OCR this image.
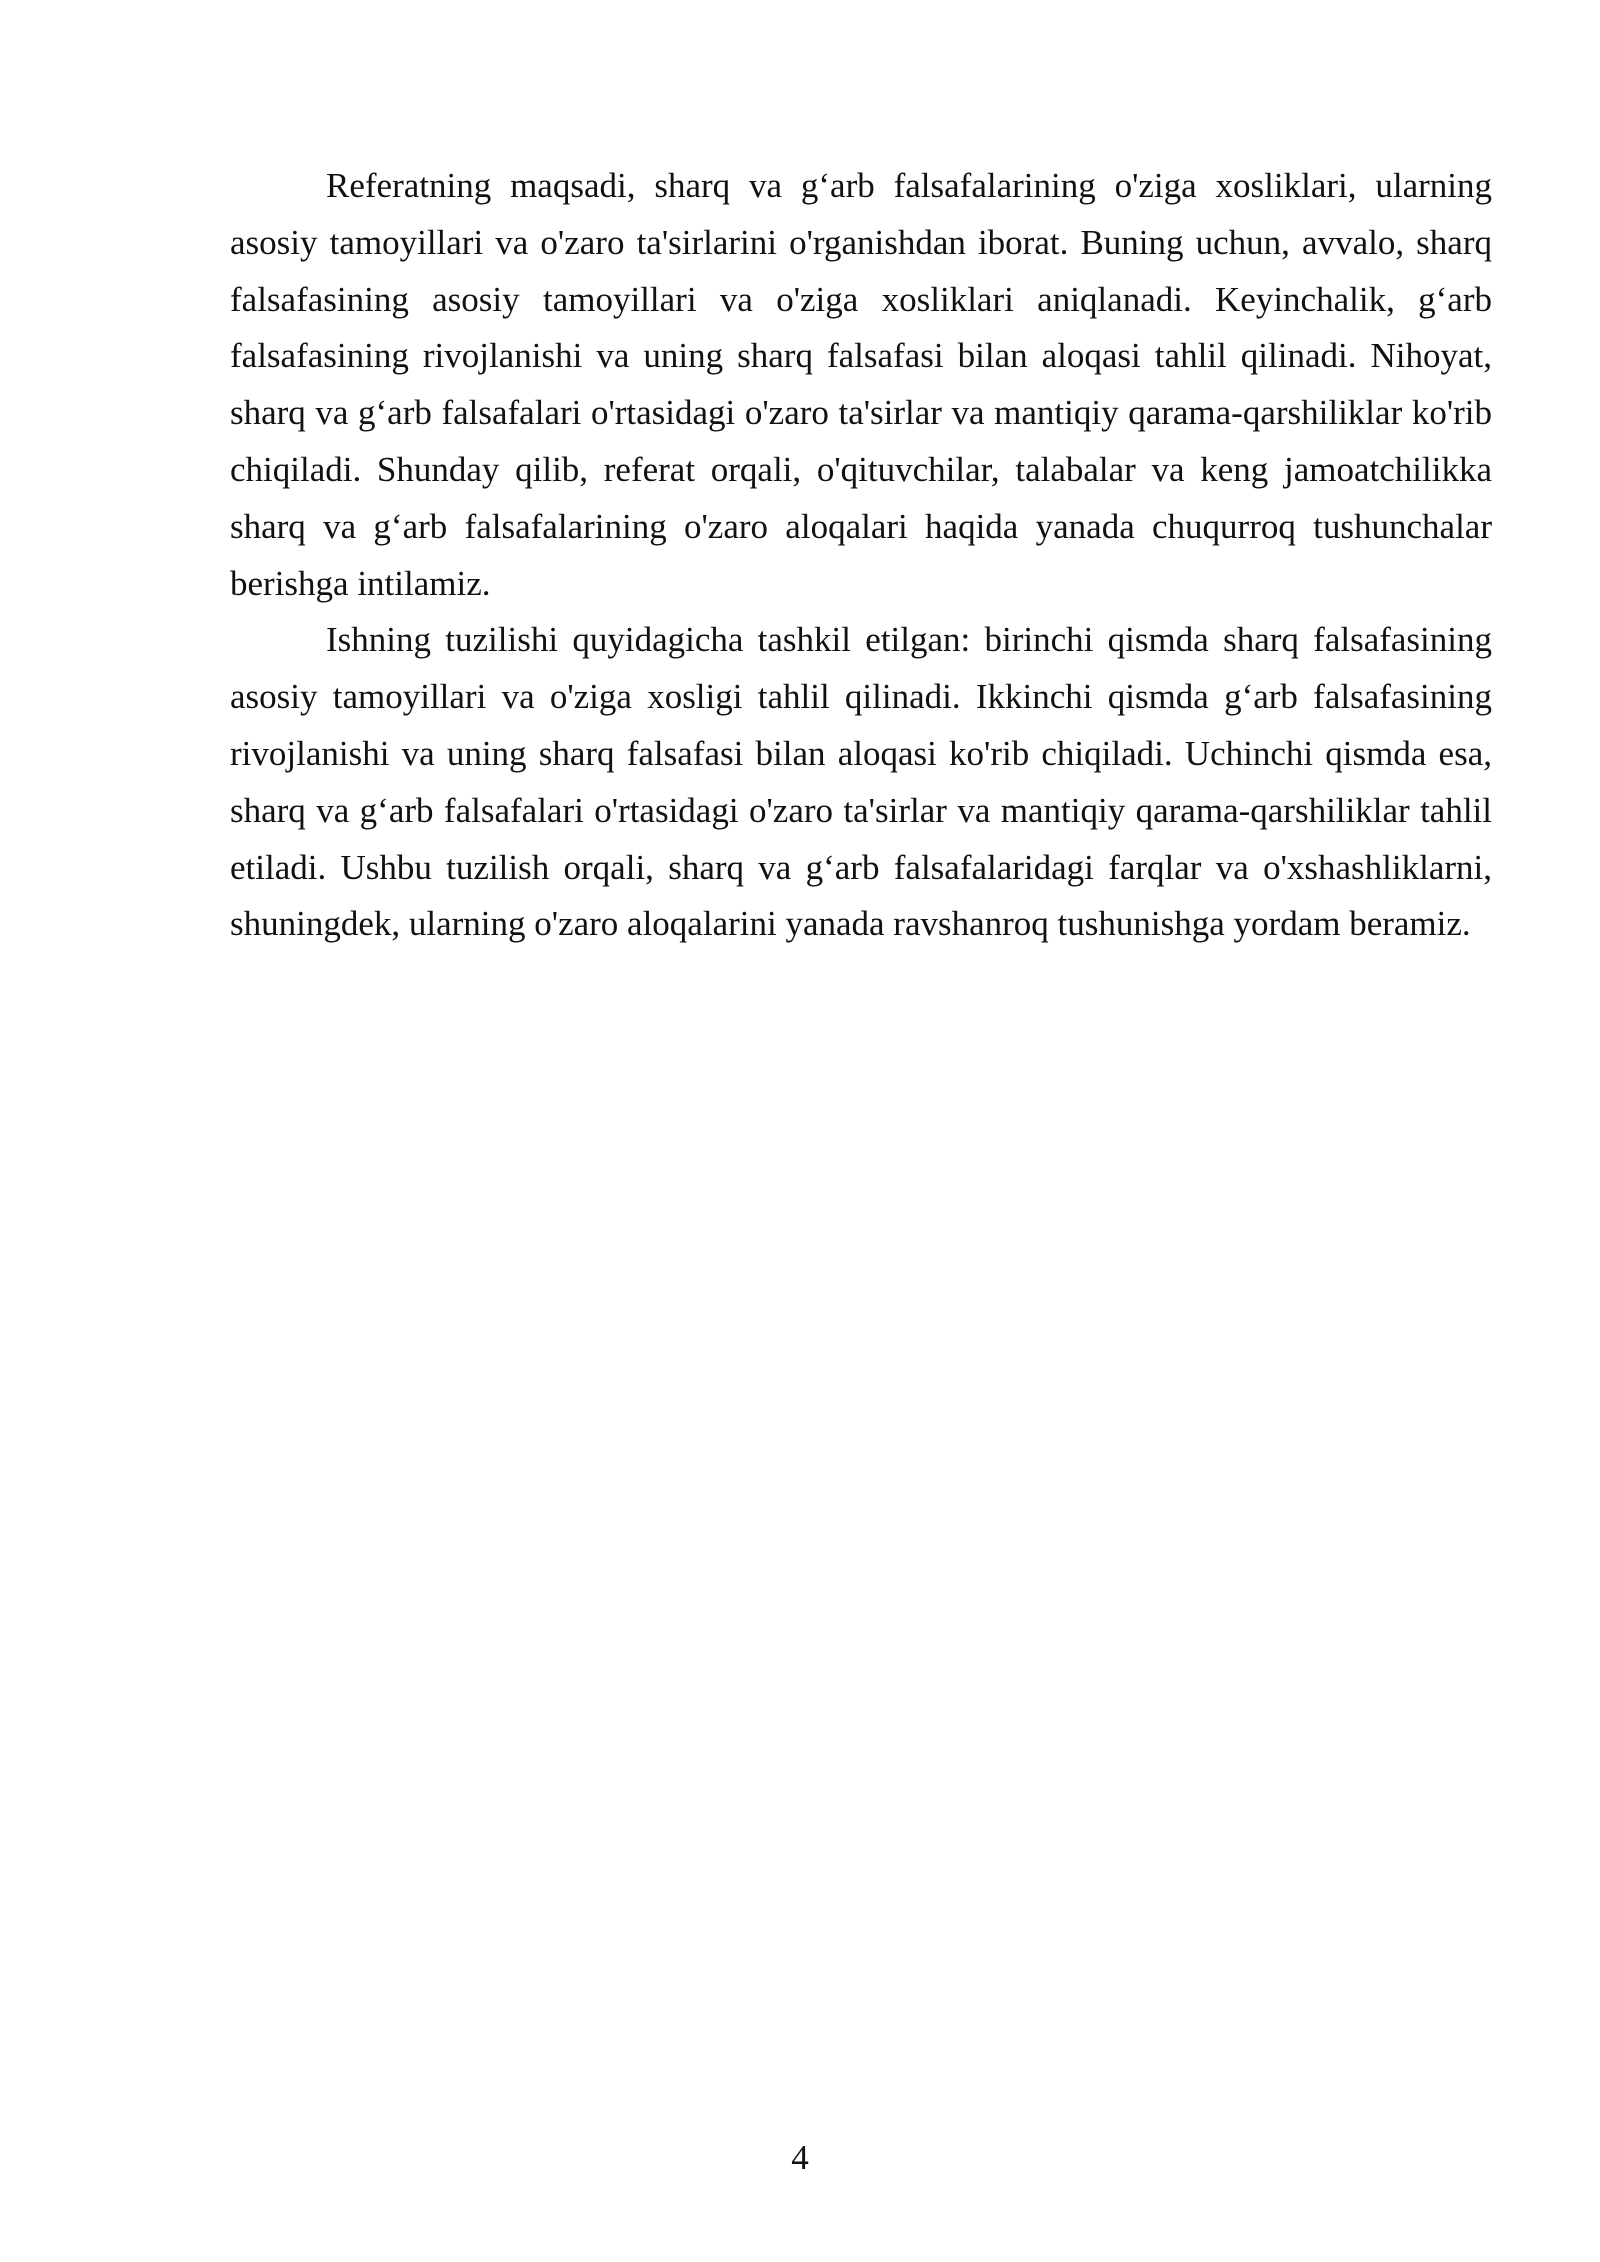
Referatning maqsadi, sharq va g‘arb falsafalarining o'ziga xosliklari, ularning asosiy tamoyillari va o'zaro ta'sirlarini o'rganishdan iborat. Buning uchun, avvalo, sharq falsafasining asosiy tamoyillari va o'ziga xosliklari aniqlanadi. Keyinchalik, g‘arb falsafasining rivojlanishi va uning sharq falsafasi bilan aloqasi tahlil qilinadi. Nihoyat, sharq va g‘arb falsafalari o'rtasidagi o'zaro ta'sirlar va mantiqiy qarama-qarshiliklar ko'rib chiqiladi. Shunday qilib, referat orqali, o'qituvchilar, talabalar va keng jamoatchilikka sharq va g‘arb falsafalarining o'zaro aloqalari haqida yanada chuqurroq tushunchalar berishga intilamiz.

Ishning tuzilishi quyidagicha tashkil etilgan: birinchi qismda sharq falsafasining asosiy tamoyillari va o'ziga xosligi tahlil qilinadi. Ikkinchi qismda g‘arb falsafasining rivojlanishi va uning sharq falsafasi bilan aloqasi ko'rib chiqiladi. Uchinchi qismda esa, sharq va g‘arb falsafalari o'rtasidagi o'zaro ta'sirlar va mantiqiy qarama-qarshiliklar tahlil etiladi. Ushbu tuzilish orqali, sharq va g‘arb falsafalaridagi farqlar va o'xshashliklarni, shuningdek, ularning o'zaro aloqalarini yanada ravshanroq tushunishga yordam beramiz.

4
